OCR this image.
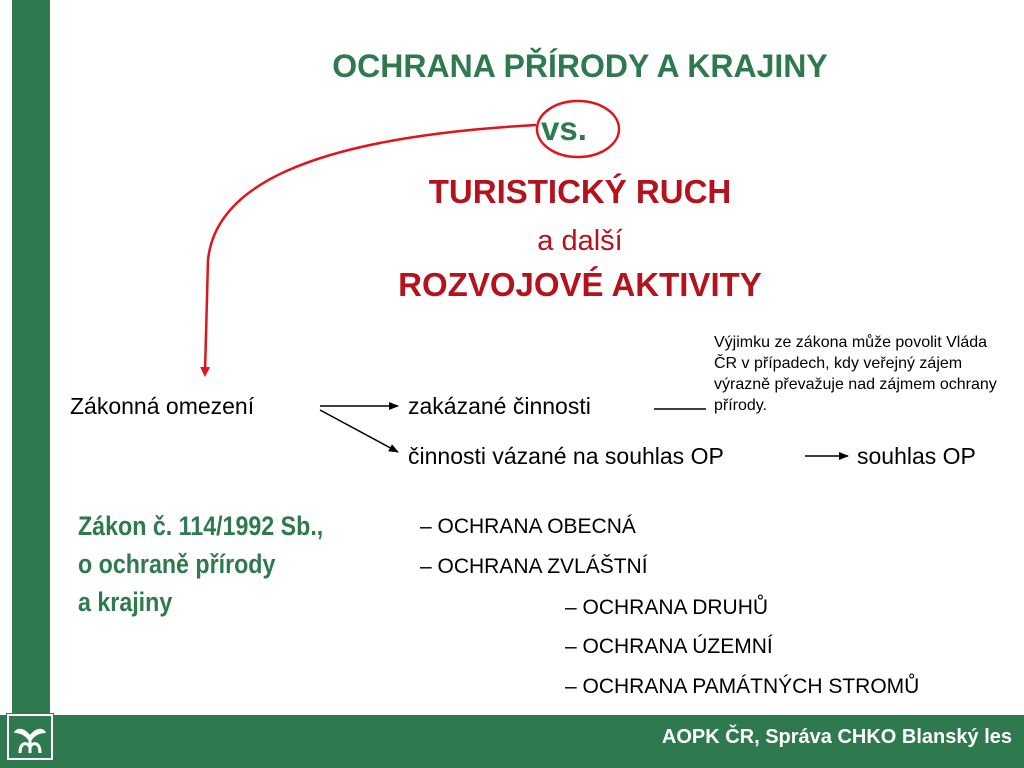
AOPK ČR, Správa CHKO Blanský les
OCHRANA PŘÍRODY A KRAJINY
vs.
TURISTICKÝ RUCH
a další
ROZVOJOVÉ AKTIVITY
Zákonná omezení	zakázané činnosti
činnosti vázané na souhlas OP	souhlas OP
Výjimku ze zákona může povolit Vláda ČR v případech, kdy veřejný zájem výrazně převažuje nad zájmem ochrany přírody.
Zákon č. 114/1992 Sb.,
o ochraně přírody
a krajiny
– OCHRANA OBECNÁ
– OCHRANA ZVLÁŠTNÍ
– OCHRANA DRUHŮ
– OCHRANA ÚZEMNÍ
– OCHRANA PAMÁTNÝCH STROMŮ
